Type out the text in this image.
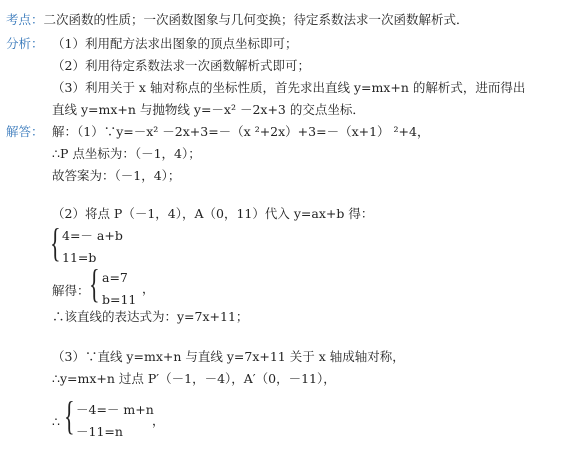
考点：二次函数的性质；一次函数图象与几何变换；待定系数法求一次函数解析式．
分析： （1）利用配方法求出图象的顶点坐标即可；
（2）利用待定系数法求一次函数解析式即可；
（3）利用关于 x 轴对称点的坐标性质，首先求出直线 y=mx+n 的解析式，进而得出
直线 y=mx+n 与抛物线 y=－x² －2x+3 的交点坐标．
解答： 解：（1）∵y=－x² －2x+3=－（x ²+2x）+3=－（x+1） ²+4，
∴P 点坐标为：（－1，4）；
故答案为：（－1，4）；
（2）将点 P（－1，4），A（0，11）代入 y=ax+b 得：
{ 4=－ a+b
11=b
解得： { a=7
b=11
，
∴该直线的表达式为：y=7x+11；
（3）∵直线 y=mx+n 与直线 y=7x+11 关于 x 轴成轴对称，
∴y=mx+n 过点 P′（－1，－4），A′（0，－11），
∴ { －4=－ m+n
－11=n
，
